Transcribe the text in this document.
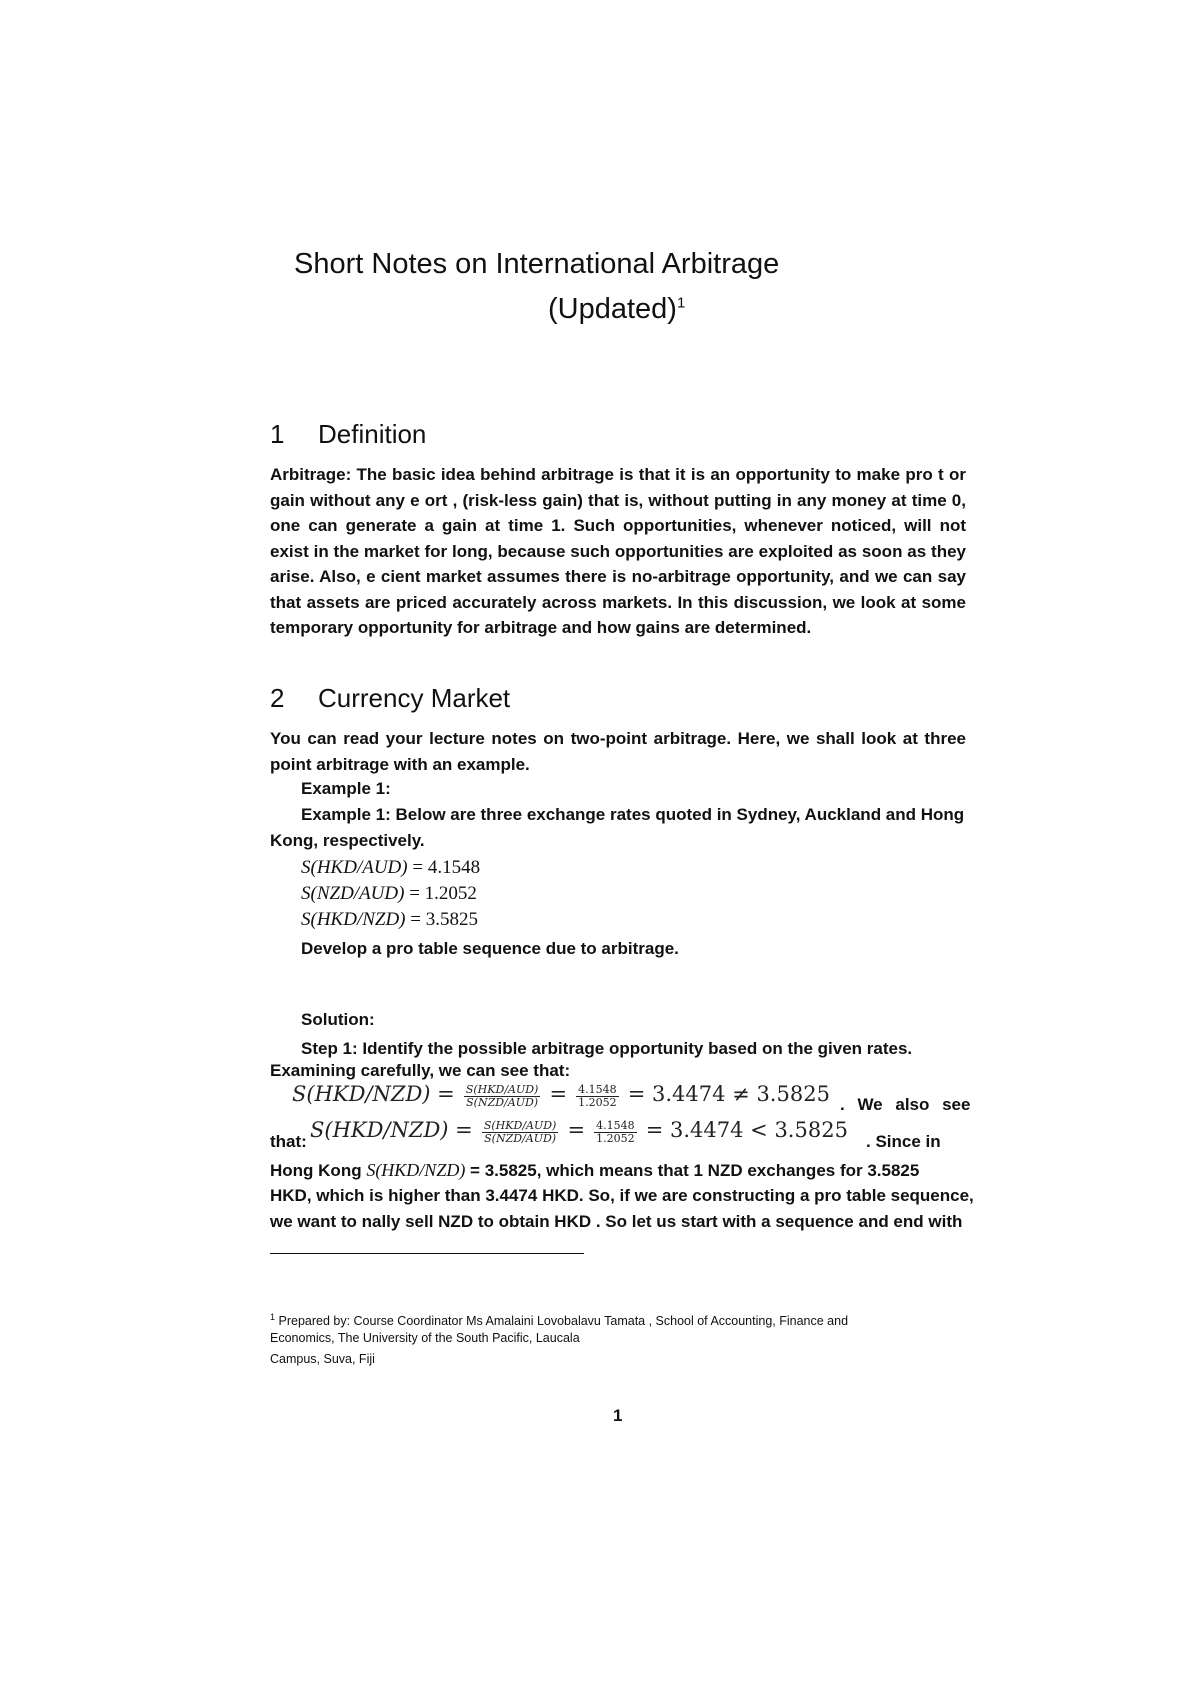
Short Notes on International Arbitrage
(Updated)$^1$
1 Definition
Arbitrage: The basic idea behind arbitrage is that it is an opportunity to make pro t or gain without any e ort , (risk-less gain) that is, without putting in any money at time 0, one can generate a gain at time 1. Such opportunities, whenever noticed, will not exist in the market for long, because such opportunities are exploited as soon as they arise. Also, e cient market assumes there is no-arbitrage opportunity, and we can say that assets are priced accurately across markets. In this discussion, we look at some temporary opportunity for arbitrage and how gains are determined.
2 Currency Market
You can read your lecture notes on two-point arbitrage. Here, we shall look at three point arbitrage with an example.
Example 1:
Example 1: Below are three exchange rates quoted in Sydney, Auckland and Hong
Kong, respectively.
S(HKD/AUD) = 4.1548
S(NZD/AUD) = 1.2052
S(HKD/NZD) = 3.5825
Develop a pro table sequence due to arbitrage.
Solution:
Step 1: Identify the possible arbitrage opportunity based on the given rates.
Examining carefully, we can see that:
$S(HKD/NZD) = \frac{\text{S(HKD/AUD)}}{\text{S(NZD/AUD)}} = \frac{4.1548}{1.2052} = 3.4474 \ne 3.5825$ . We also see
that: $S(HKD/NZD) = \frac{\text{S(HKD/AUD)}}{\text{S(NZD/AUD)}} = \frac{4.1548}{1.2052} = 3.4474 < 3.5825$ . Since in
Hong Kong S(HKD/NZD) = 3.5825, which means that 1 NZD exchanges for 3.5825
HKD, which is higher than 3.4474 HKD. So, if we are constructing a pro table sequence,
we want to nally sell NZD to obtain HKD . So let us start with a sequence and end with
$^1$ Prepared by: Course Coordinator Ms Amalaini Lovobalavu Tamata , School of Accounting, Finance and
Economics, The University of the South Pacific, Laucala
Campus, Suva, Fiji
1
